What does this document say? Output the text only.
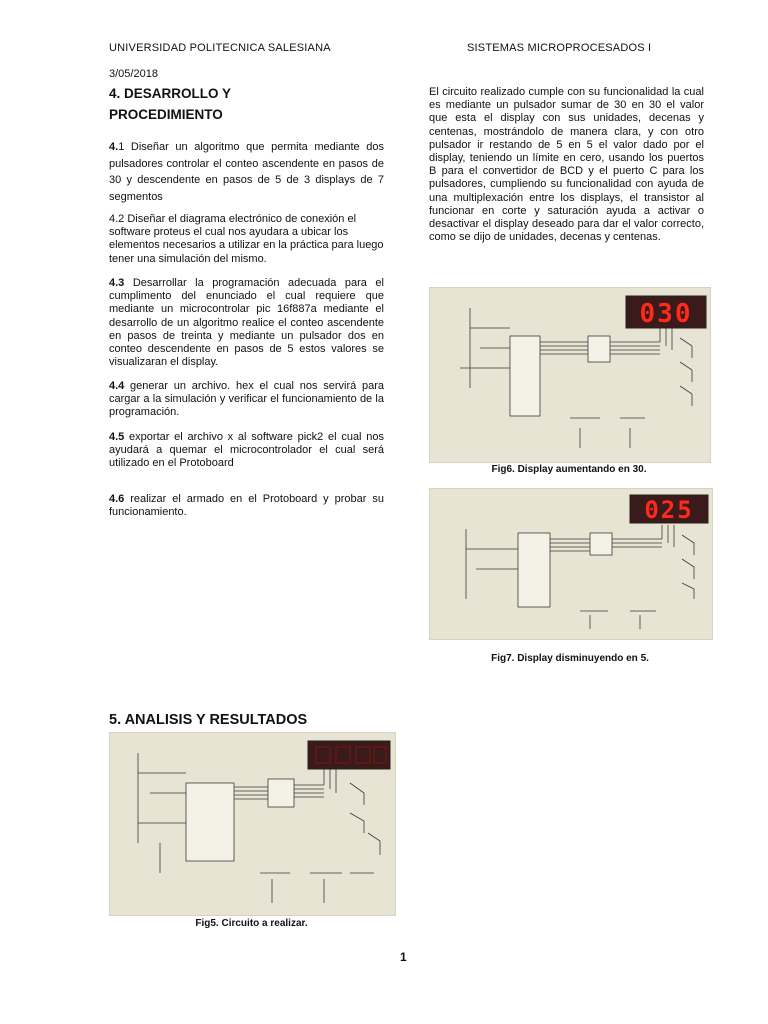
UNIVERSIDAD POLITECNICA SALESIANA	SISTEMAS MICROPROCESADOS I
3/05/2018
4. DESARROLLO Y
PROCEDIMIENTO
4.1 Diseñar un algoritmo que permita mediante dos pulsadores controlar el conteo ascendente en pasos de 30 y descendente en pasos de 5 de 3 displays de 7 segmentos
4.2 Diseñar el diagrama electrónico de conexión el software proteus el cual nos ayudara a ubicar los elementos necesarios a utilizar en la práctica para luego tener una simulación del mismo.
4.3 Desarrollar la programación adecuada para el cumplimento del enunciado el cual requiere que mediante un microcontrolar pic 16f887a mediante el desarrollo de un algoritmo realice el conteo ascendente en pasos de treinta y mediante un pulsador dos en conteo descendente en pasos de 5 estos valores se visualizaran el display.
4.4 generar un archivo. hex el cual nos servirá para cargar a la simulación y verificar el funcionamiento de la programación.
4.5 exportar el archivo x al software pick2 el cual nos ayudará a quemar el microcontrolador el cual será utilizado en el Protoboard
4.6 realizar el armado en el Protoboard y probar su funcionamiento.
El circuito realizado cumple con su funcionalidad la cual es mediante un pulsador sumar de 30 en 30 el valor que esta el display con sus unidades, decenas y centenas, mostrándolo de manera clara, y con otro pulsador ir restando de 5 en 5 el valor dado por el display, teniendo un límite en cero, usando los puertos B para el convertidor de BCD y el puerto C para los pulsadores, cumpliendo su funcionalidad con ayuda de una multiplexación entre los displays, el transistor al funcionar en corte y saturación ayuda a activar o desactivar el display deseado para dar el valor correcto, como se dijo de unidades, decenas y centenas.
030
Fig6. Display aumentando en 30.
025
Fig7. Display disminuyendo en 5.
5. ANALISIS Y RESULTADOS
Fig5. Circuito a realizar.
1
